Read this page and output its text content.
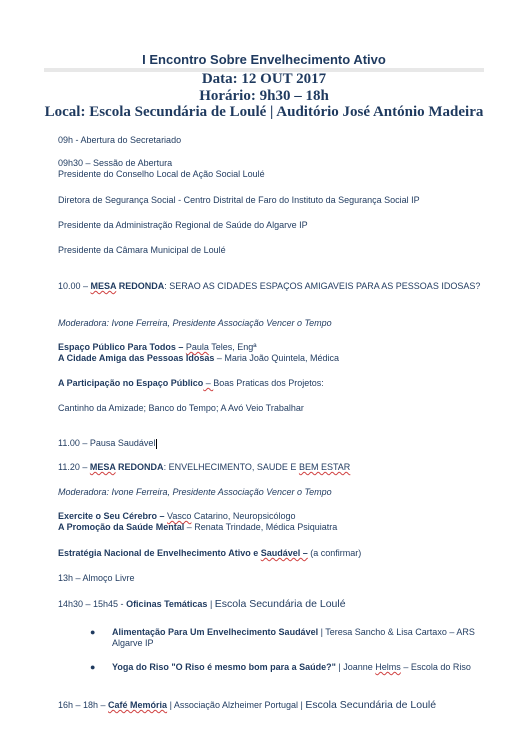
I Encontro Sobre Envelhecimento Ativo
Data: 12 OUT 2017
Horário: 9h30 – 18h
Local: Escola Secundária de Loulé | Auditório José António Madeira
09h - Abertura do Secretariado
09h30 – Sessão de Abertura
Presidente do Conselho Local de Ação Social Loulé
Diretora de Segurança Social - Centro Distrital de Faro do Instituto da Segurança Social IP
Presidente da Administração Regional de Saúde do Algarve IP
Presidente da Câmara Municipal de Loulé
10.00 – MESA REDONDA: SERAO AS CIDADES ESPAÇOS AMIGAVEIS PARA AS PESSOAS IDOSAS?
Moderadora: Ivone Ferreira, Presidente Associação Vencer o Tempo
Espaço Público Para Todos – Paula Teles, Engª
A Cidade Amiga das Pessoas Idosas – Maria João Quintela, Médica
A Participação no Espaço Público – Boas Praticas dos Projetos:
Cantinho da Amizade; Banco do Tempo; A Avó Veio Trabalhar
11.00 – Pausa Saudável
11.20 – MESA REDONDA: ENVELHECIMENTO, SAUDE E BEM ESTAR
Moderadora: Ivone Ferreira, Presidente Associação Vencer o Tempo
Exercite o Seu Cérebro – Vasco Catarino, Neuropsicólogo
A Promoção da Saúde Mental – Renata Trindade, Médica Psiquiatra
Estratégia Nacional de Envelhecimento Ativo e Saudável – (a confirmar)
13h – Almoço Livre
14h30 – 15h45 - Oficinas Temáticas | Escola Secundária de Loulé
●	Alimentação Para Um Envelhecimento Saudável | Teresa Sancho & Lisa Cartaxo – ARS Algarve IP
●	Yoga do Riso "O Riso é mesmo bom para a Saúde?" | Joanne Helms – Escola do Riso
16h – 18h – Café Memória | Associação Alzheimer Portugal | Escola Secundária de Loulé
